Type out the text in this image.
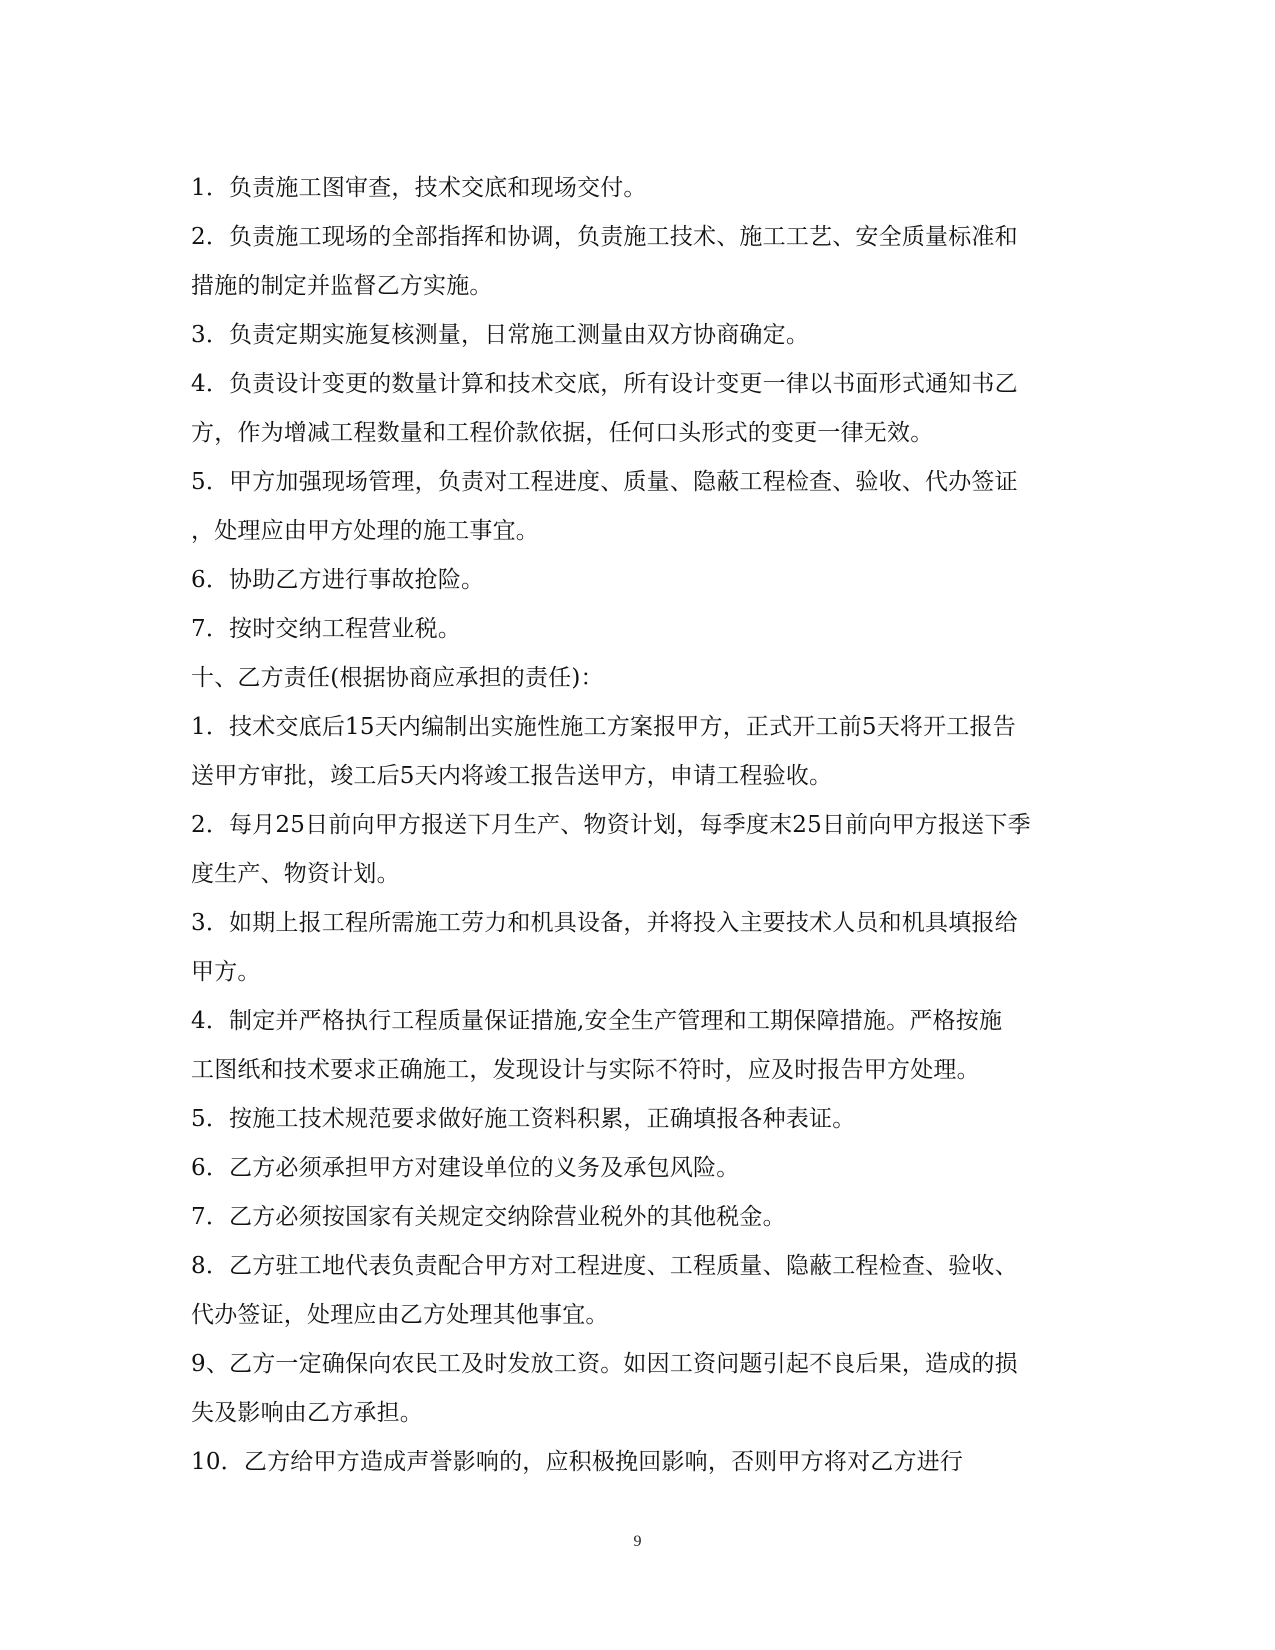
1．负责施工图审查，技术交底和现场交付。
2．负责施工现场的全部指挥和协调，负责施工技术、施工工艺、安全质量标准和
措施的制定并监督乙方实施。
3．负责定期实施复核测量，日常施工测量由双方协商确定。
4．负责设计变更的数量计算和技术交底，所有设计变更一律以书面形式通知书乙
方，作为增减工程数量和工程价款依据，任何口头形式的变更一律无效。
5．甲方加强现场管理，负责对工程进度、质量、隐蔽工程检查、验收、代办签证
，处理应由甲方处理的施工事宜。
6．协助乙方进行事故抢险。
7．按时交纳工程营业税。
十、乙方责任(根据协商应承担的责任)：
1．技术交底后15天内编制出实施性施工方案报甲方，正式开工前5天将开工报告
送甲方审批，竣工后5天内将竣工报告送甲方，申请工程验收。
2．每月25日前向甲方报送下月生产、物资计划，每季度末25日前向甲方报送下季
度生产、物资计划。
3．如期上报工程所需施工劳力和机具设备，并将投入主要技术人员和机具填报给
甲方。
4．制定并严格执行工程质量保证措施,安全生产管理和工期保障措施。严格按施
工图纸和技术要求正确施工，发现设计与实际不符时，应及时报告甲方处理。
5．按施工技术规范要求做好施工资料积累，正确填报各种表证。
6．乙方必须承担甲方对建设单位的义务及承包风险。
7．乙方必须按国家有关规定交纳除营业税外的其他税金。
8．乙方驻工地代表负责配合甲方对工程进度、工程质量、隐蔽工程检查、验收、
代办签证，处理应由乙方处理其他事宜。
9、乙方一定确保向农民工及时发放工资。如因工资问题引起不良后果，造成的损
失及影响由乙方承担。
10．乙方给甲方造成声誉影响的，应积极挽回影响，否则甲方将对乙方进行
9
